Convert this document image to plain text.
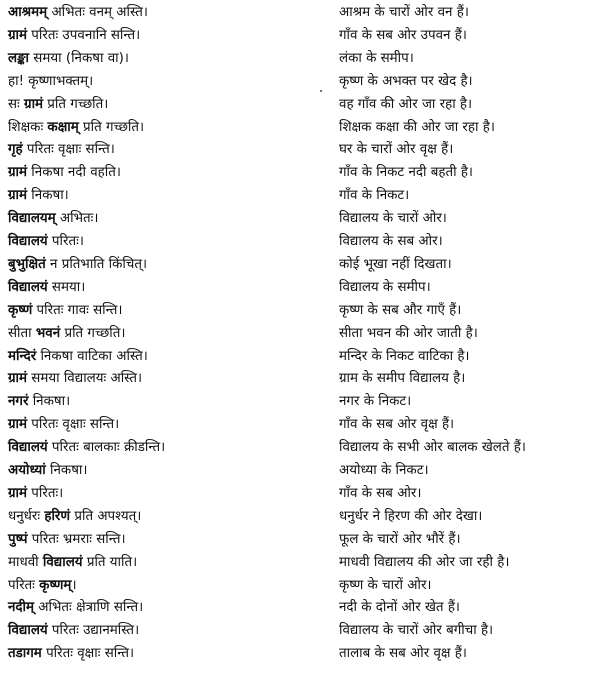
आश्रमम् अभितः वनम् अस्ति।	आश्रम के चारों ओर वन हैं।
ग्रामं परितः उपवनानि सन्ति।	गाँव के सब ओर उपवन हैं।
लङ्का समया (निकषा वा)।	लंका के समीप।
हा! कृष्णाभक्तम्।	कृष्ण के अभक्त पर खेद है।
सः ग्रामं प्रति गच्छति।	वह गाँव की ओर जा रहा है।
शिक्षकः कक्षाम् प्रति गच्छति।	शिक्षक कक्षा की ओर जा रहा है।
गृहं परितः वृक्षाः सन्ति।	घर के चारों ओर वृक्ष हैं।
ग्रामं निकषा नदी वहति।	गाँव के निकट नदी बहती है।
ग्रामं निकषा।	गाँव के निकट।
विद्यालयम् अभितः।	विद्यालय के चारों ओर।
विद्यालयं परितः।	विद्यालय के सब ओर।
बुभुक्षितं न प्रतिभाति किंचित्।	कोई भूखा नहीं दिखता।
विद्यालयं समया।	विद्यालय के समीप।
कृष्णं परितः गावः सन्ति।	कृष्ण के सब और गाएँ हैं।
सीता भवनं प्रति गच्छति।	सीता भवन की ओर जाती है।
मन्दिरं निकषा वाटिका अस्ति।	मन्दिर के निकट वाटिका है।
ग्रामं समया विद्यालयः अस्ति।	ग्राम के समीप विद्यालय है।
नगरं निकषा।	नगर के निकट।
ग्रामं परितः वृक्षाः सन्ति।	गाँव के सब ओर वृक्ष हैं।
विद्यालयं परितः बालकाः क्रीडन्ति।	विद्यालय के सभी ओर बालक खेलते हैं।
अयोध्यां निकषा।	अयोध्या के निकट।
ग्रामं परितः।	गाँव के सब ओर।
धनुर्धरः हरिणं प्रति अपश्यत्।	धनुर्धर ने हिरण की ओर देखा।
पुष्पं परितः भ्रमराः सन्ति।	फूल के चारों ओर भौरें हैं।
माधवी विद्यालयं प्रति याति।	माधवी विद्यालय की ओर जा रही है।
परितः कृष्णम्।	कृष्ण के चारों ओर।
नदीम् अभितः क्षेत्राणि सन्ति।	नदी के दोनों ओर खेत हैं।
विद्यालयं परितः उद्यानमस्ति।	विद्यालय के चारों ओर बगीचा है।
तडागम परितः वृक्षाः सन्ति।	तालाब के सब ओर वृक्ष हैं।
